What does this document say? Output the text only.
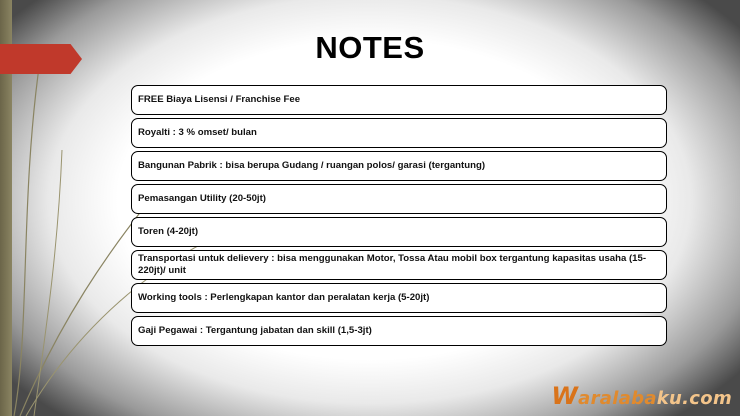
NOTES
FREE Biaya Lisensi / Franchise Fee
Royalti : 3 % omset/ bulan
Bangunan Pabrik : bisa berupa Gudang / ruangan polos/ garasi (tergantung)
Pemasangan Utility (20-50jt)
Toren (4-20jt)
Transportasi untuk delievery : bisa menggunakan Motor, Tossa Atau mobil box tergantung kapasitas usaha (15-220jt)/ unit
Working tools : Perlengkapan kantor dan peralatan kerja (5-20jt)
Gaji Pegawai : Tergantung jabatan dan skill (1,5-3jt)
Waralabaku.com
